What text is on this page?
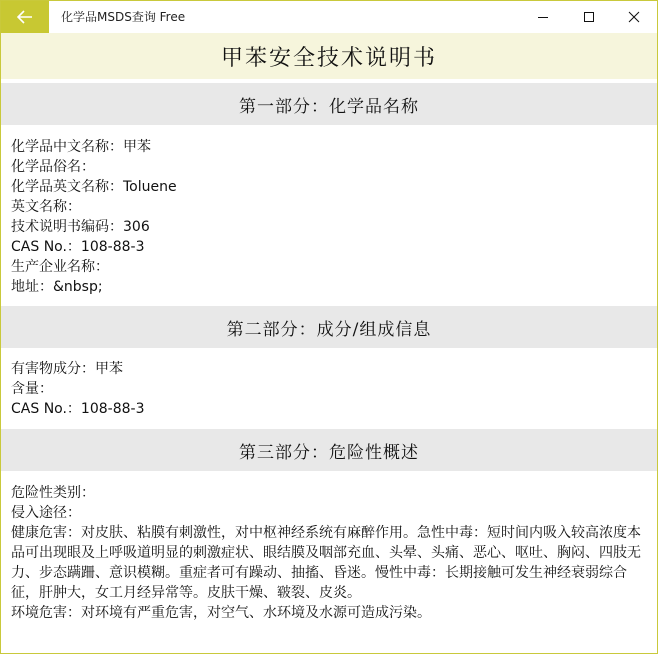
化学品MSDS查询 Free
甲苯安全技术说明书
第一部分：化学品名称
化学品中文名称：甲苯
化学品俗名：
化学品英文名称：Toluene
英文名称：
技术说明书编码：306
CAS No.：108-88-3
生产企业名称：
地址：&nbsp;
第二部分：成分/组成信息
有害物成分：甲苯
含量：
CAS No.：108-88-3
第三部分：危险性概述
危险性类别：
侵入途径：
健康危害：对皮肤、粘膜有刺激性，对中枢神经系统有麻醉作用。急性中毒：短时间内吸入较高浓度本品可出现眼及上呼吸道明显的刺激症状、眼结膜及咽部充血、头晕、头痛、恶心、呕吐、胸闷、四肢无力、步态蹒跚、意识模糊。重症者可有躁动、抽搐、昏迷。慢性中毒：长期接触可发生神经衰弱综合征，肝肿大，女工月经异常等。皮肤干燥、皲裂、皮炎。
环境危害：对环境有严重危害，对空气、水环境及水源可造成污染。
